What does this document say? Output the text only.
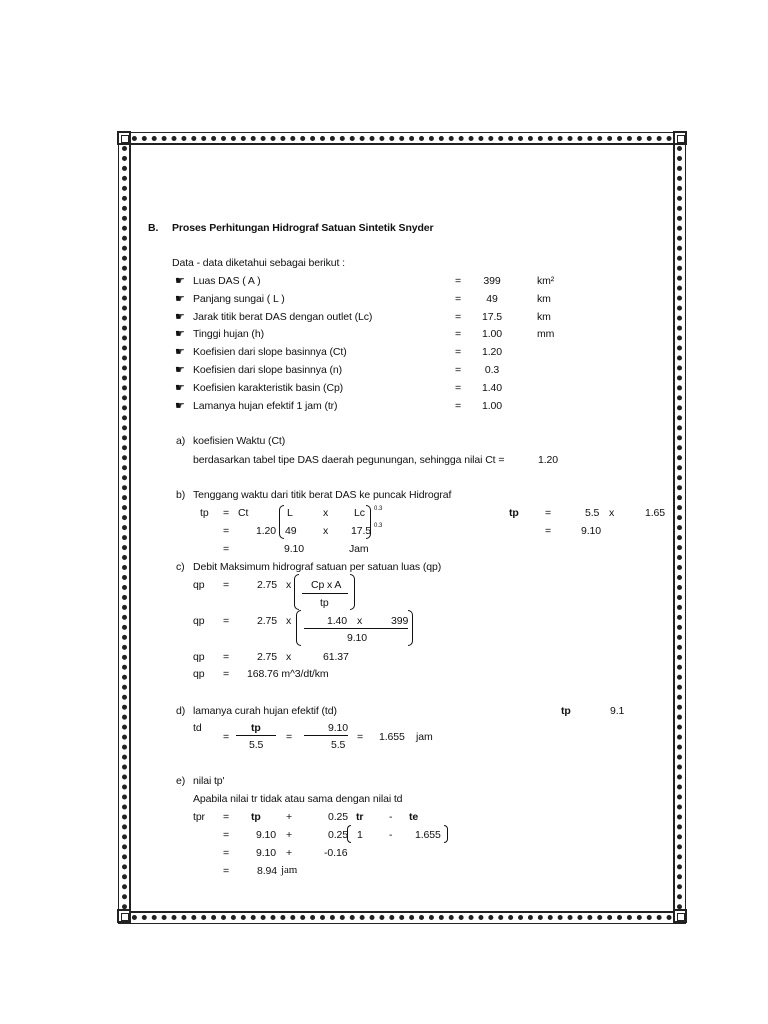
B. Proses Perhitungan Hidrograf Satuan Sintetik Snyder
Data - data diketahui sebagai berikut :
☛ Luas DAS ( A )	=	399	km²
☛ Panjang sungai ( L )	=	49	km
☛ Jarak titik berat DAS dengan outlet (Lc)	=	17.5	km
☛ Tinggi hujan (h)	=	1.00	mm
☛ Koefisien dari slope basinnya (Ct)	=	1.20
☛ Koefisien dari slope basinnya (n)	=	0.3
☛ Koefisien karakteristik basin (Cp)	=	1.40
☛ Lamanya hujan efektif 1 jam (tr)	=	1.00
a) koefisien Waktu (Ct)
berdasarkan tabel tipe DAS daerah pegunungan, sehingga nilai Ct =	1.20
b) Tenggang waktu dari titik berat DAS ke puncak Hidrograf
tp = Ct	L	x Lc 0.3
=	1.20 49	x 17.5 0.3
=	9.10	Jam
tp	=	5.5 x	1.65
=	9.10
c) Debit Maksimum hidrograf satuan per satuan luas (qp)
qp =	2.75 x Cp x A
tp
qp =	2.75 x	1.40 x	399
9.10
qp =	2.75 x	61.37
qp = 168.76 m^3/dt/km
d) lamanya curah hujan efektif (td)	tp	9.1
td
=
tp
5.5
=
9.10
5.5
= 1.655 jam
e) nilai tp'
Apabila nilai tr tidak atau sama dengan nilai td
tpr = tp +	0.25 tr - te
=	9.10 +	0.25 1	- 1.655
=	9.10 +	-0.16
=	8.94 jam
